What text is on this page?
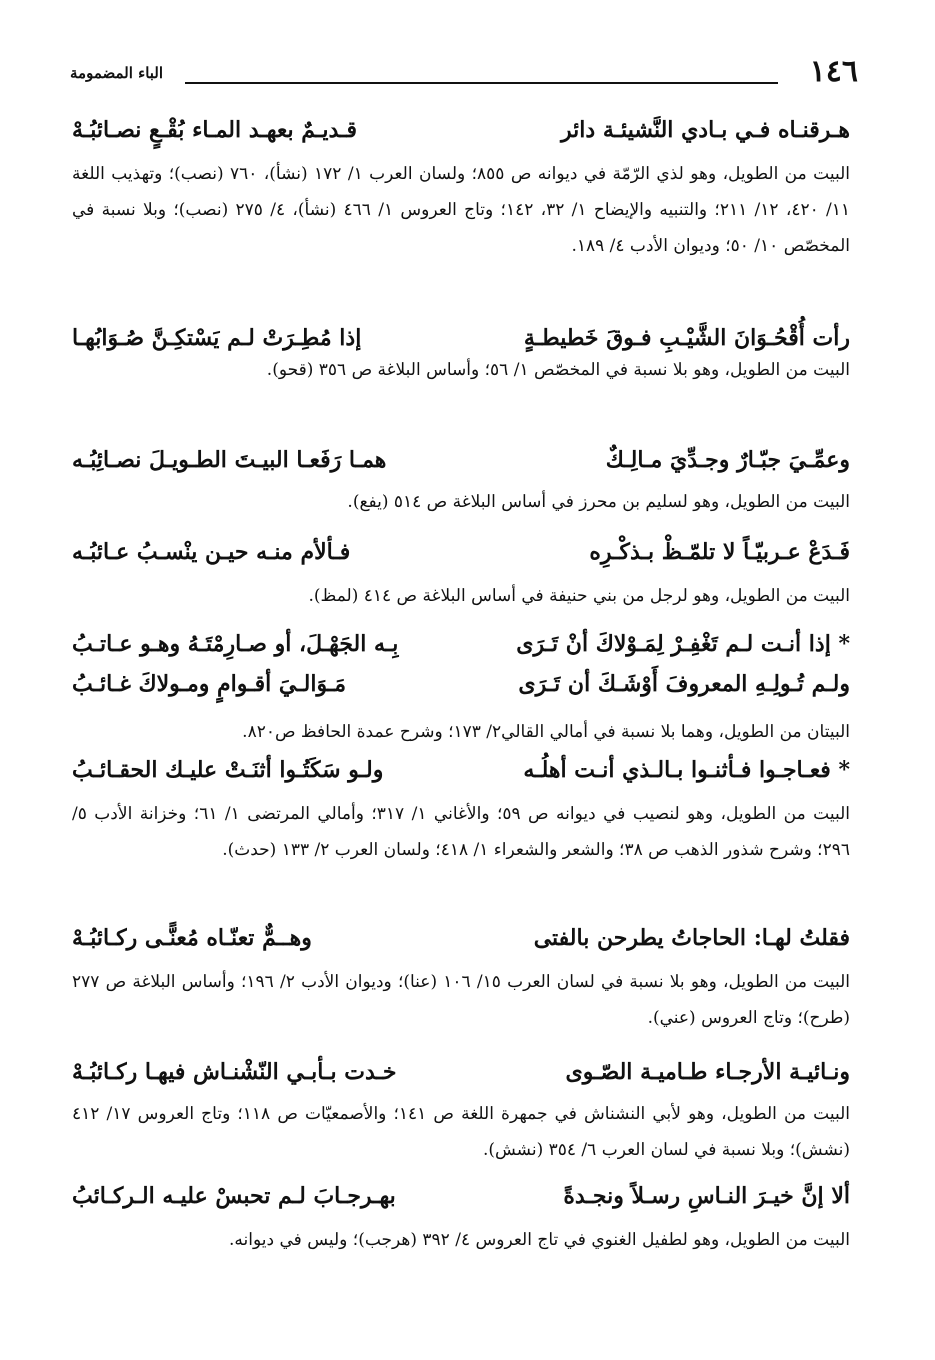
١٤٦
الباء المضمومة
هـرقنـاه فـي بـادي النَّشيئـة دائر
قـديـمٌ بعهـد المـاء بُقْـعٍ نصـائبُـهْ
البيت من الطويل، وهو لذي الرّمّة في ديوانه ص ٨٥٥؛ ولسان العرب ١/ ١٧٢ (نشأ)، ٧٦٠ (نصب)؛ وتهذيب اللغة ١١/ ٤٢٠، ١٢/ ٢١١؛ والتنبيه والإيضاح ١/ ٣٢، ١٤٢؛ وتاج العروس ١/ ٤٦٦ (نشأ)، ٤/ ٢٧٥ (نصب)؛ وبلا نسبة في المخصّص ١٠/ ٥٠؛ وديوان الأدب ٤/ ١٨٩.
رأت أُقْحُـوَانَ الشَّيْـبِ فـوقَ خَطيطـةٍ
إذا مُطِـرَتْ لـم يَسْتكِـنَّ صُـوَابُهـا
البيت من الطويل، وهو بلا نسبة في المخصّص ١/ ٥٦؛ وأساس البلاغة ص ٣٥٦ (قحو).
وعمِّـيَ جبّـارٌ وجـدِّيَ مـالِـكٌ
همـا رَفَعـا البيـتَ الطـويـلَ نصـائِبُـه
البيت من الطويل، وهو لسليم بن محرز في أساس البلاغة ص ٥١٤ (يفع).
فَـدَعْ عـربيّـاً لا تلمّـظْ بـذكْـرِه
فـألأم منـه حيـن ينْسـبُ عـائبُـه
البيت من الطويل، وهو لرجل من بني حنيفة في أساس البلاغة ص ٤١٤ (لمظ).
* إذا أنـت لـم تَغْفِـرْ لِمَـوْلاكَ أنْ تَـرَى
بِـه الجَهْـلَ، أو صـارِمْتَـهُ وهـو عـاتـبُ
ولـم تُـولِـهِ المعروفَ أَوْشَـكَ أن تَـرَى
مَـوَالـيَ أقـوامٍ ومـولاكَ غـائـبُ
البيتان من الطويل، وهما بلا نسبة في أمالي القالي٢/ ١٧٣؛ وشرح عمدة الحافظ ص٨٢٠.
* فعـاجـوا فـأثنـوا بـالـذي أنـت أهلُـه
ولـو سَكَتُـوا أثنَـتْ عليـك الحقـائـبُ
البيت من الطويل، وهو لنصيب في ديوانه ص ٥٩؛ والأغاني ١/ ٣١٧؛ وأمالي المرتضى ١/ ٦١؛ وخزانة الأدب ٥/ ٢٩٦؛ وشرح شذور الذهب ص ٣٨؛ والشعر والشعراء ١/ ٤١٨؛ ولسان العرب ٢/ ١٣٣ (حدث).
فقلتُ لهـا: الحاجاتُ يطرحن بالفتى
وهــمٌّ تعنّـاه مُعنًّـى ركـائبُـهْ
البيت من الطويل، وهو بلا نسبة في لسان العرب ١٥/ ١٠٦ (عنا)؛ وديوان الأدب ٢/ ١٩٦؛ وأساس البلاغة ص ٢٧٧ (طرح)؛ وتاج العروس (عني).
ونـائيـة الأرجـاء طـاميـة الصّـوى
خـدت بـأبـي النّشْنـاش فيهـا ركـائبُـهْ
البيت من الطويل، وهو لأبي النشناش في جمهرة اللغة ص ١٤١؛ والأصمعيّات ص ١١٨؛ وتاج العروس ١٧/ ٤١٢ (نشش)؛ وبلا نسبة في لسان العرب ٦/ ٣٥٤ (نشش).
ألا إنَّ خيـرَ النـاسِ رسـلاً ونجـدةً
بهـرجـابَ لـم تحبسْ عليـه الـركـائبُ
البيت من الطويل، وهو لطفيل الغنوي في تاج العروس ٤/ ٣٩٢ (هرجب)؛ وليس في ديوانه.
